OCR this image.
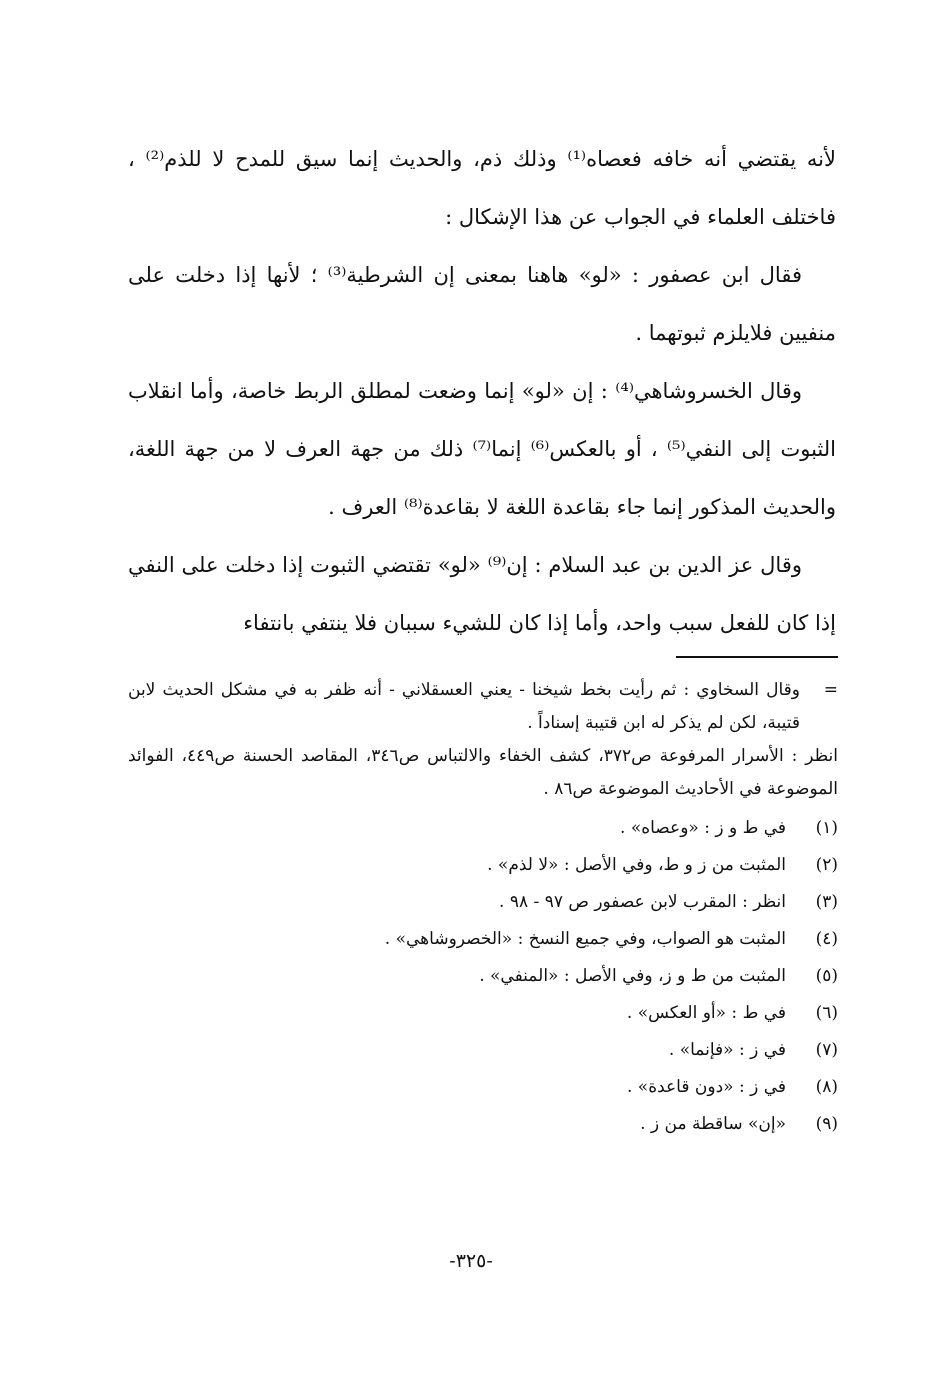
لأنه يقتضي أنه خافه فعصاه⁽¹⁾ وذلك ذم، والحديث إنما سيق للمدح لا للذم⁽²⁾ ، فاختلف العلماء في الجواب عن هذا الإشكال :

فقال ابن عصفور : «لو» هاهنا بمعنى إن الشرطية⁽³⁾ ؛ لأنها إذا دخلت على منفيين فلايلزم ثبوتهما .

وقال الخسروشاهي⁽⁴⁾ : إن «لو» إنما وضعت لمطلق الربط خاصة، وأما انقلاب الثبوت إلى النفي⁽⁵⁾ ، أو بالعكس⁽⁶⁾ إنما⁽⁷⁾ ذلك من جهة العرف لا من جهة اللغة، والحديث المذكور إنما جاء بقاعدة اللغة لا بقاعدة⁽⁸⁾ العرف .

وقال عز الدين بن عبد السلام : إن⁽⁹⁾ «لو» تقتضي الثبوت إذا دخلت على النفي إذا كان للفعل سبب واحد، وأما إذا كان للشيء سببان فلا ينتفي بانتفاء

=
وقال السخاوي : ثم رأيت بخط شيخنا - يعني العسقلاني - أنه ظفر به في مشكل الحديث لابن قتيبة، لكن لم يذكر له ابن قتيبة إسناداً .
انظر : الأسرار المرفوعة ص٣٧٢، كشف الخفاء والالتباس ص٣٤٦، المقاصد الحسنة ص٤٤٩، الفوائد الموضوعة في الأحاديث الموضوعة ص٨٦ .
(١)
في ط و ز : «وعصاه» .
(٢)
المثبت من ز و ط، وفي الأصل : «لا لذم» .
(٣)
انظر : المقرب لابن عصفور ص ٩٧ - ٩٨ .
(٤)
المثبت هو الصواب، وفي جميع النسخ : «الخصروشاهي» .
(٥)
المثبت من ط و ز، وفي الأصل : «المنفي» .
(٦)
في ط : «أو العكس» .
(٧)
في ز : «فإنما» .
(٨)
في ز : «دون قاعدة» .
(٩)
«إن» ساقطة من ز .
-٣٢٥-
